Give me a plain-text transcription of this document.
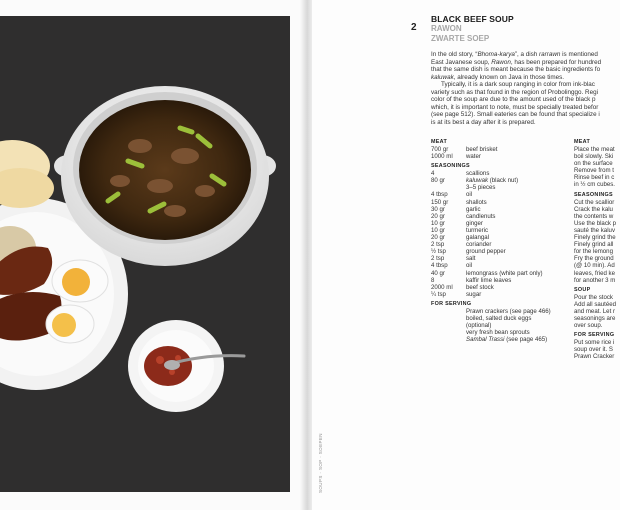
2
BLACK BEEF SOUP
RAWON
ZWARTE SOEP

In the old story, “Bhoma-karya”, a dish rarrawn is mentioned

East Javanese soup, Rawon, has been prepared for hundred

that the same dish is meant because the basic ingredients fo

kaluwak, already known on Java in those times.

Typically, it is a dark soup ranging in color from ink-blac

variety such as that found in the region of Probolinggo. Regi

color of the soup are due to the amount used of the black p

which, it is important to note, must be specially treated befor

(see page 512). Small eateries can be found that specialize i

is at its best a day after it is prepared.

MEAT
700 gr	beef brisket
1000 ml	water
SEASONINGS
4	scallions
80 gr	kaluwak (black nut)
3–5 pieces
4 tbsp	oil
150 gr	shallots
30 gr	garlic
20 gr	candlenuts
10 gr	ginger
10 gr	turmeric
20 gr	galangal
2 tsp	coriander
½ tsp	ground pepper
2 tsp	salt
4 tbsp	oil
40 gr	lemongrass (white part only)
8	kaffir lime leaves
2000 ml	beef stock
¼ tsp	sugar
FOR SERVING
Prawn crackers (see page 466)
boiled, salted duck eggs
(optional)
very fresh bean sprouts
Sambal Trassi (see page 465)
MEAT
Place the meat
boil slowly. Ski
on the surface
Remove from t
Rinse beef in c
in ½ cm cubes.
SEASONINGS
Cut the scallior
Crack the kalu
the contents w
Use the black p
sauté the kaluv
Finely grind the
Finely grind all
for the lemong
Fry the ground
(@ 10 min). Ad
leaves, fried ke
for another 3 m
SOUP
Pour the stock
Add all sautéed
and meat. Let r
seasonings are
over soup.
FOR SERVING
Put some rice i
soup over it. S
Prawn Cracker
SOUPS · SOP · SOEPEN
